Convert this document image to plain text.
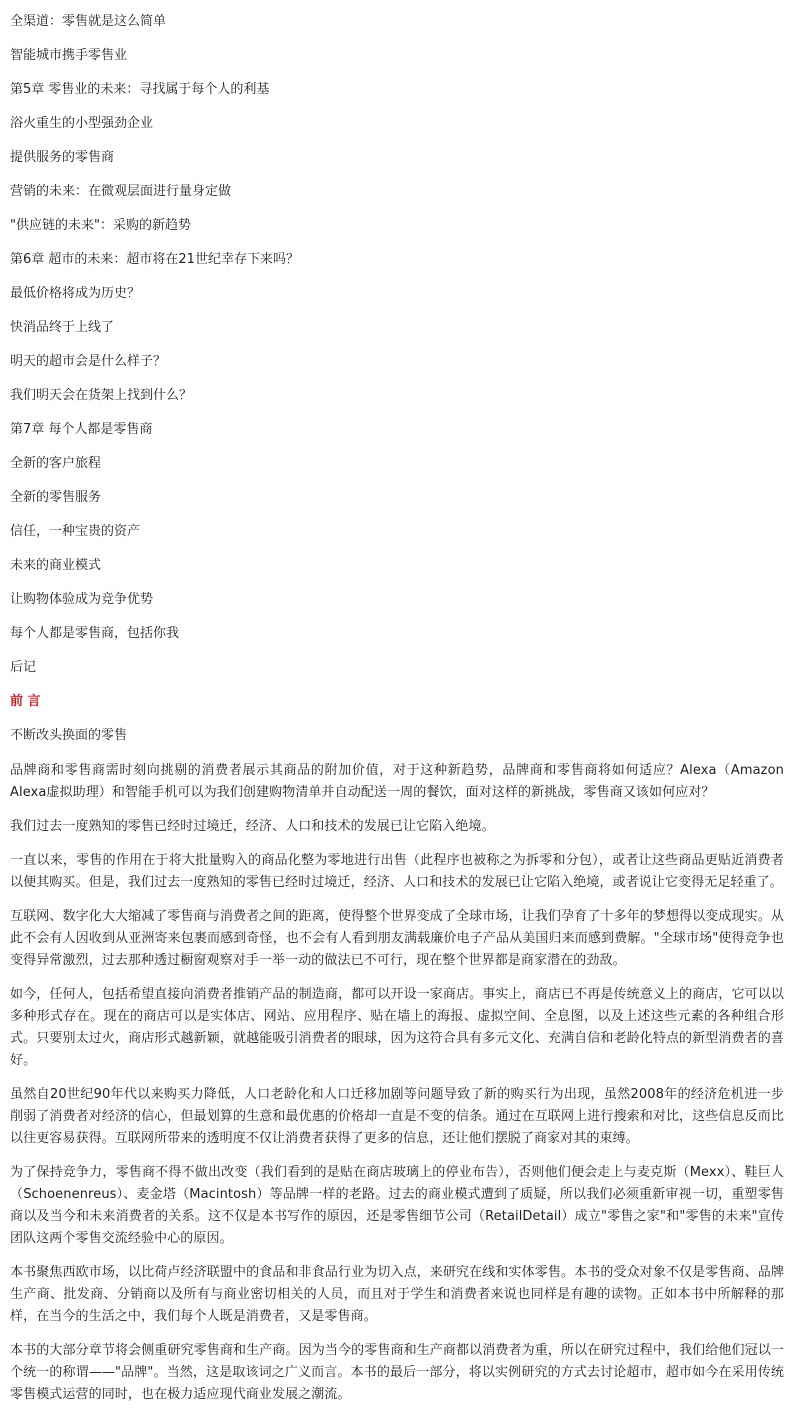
全渠道：零售就是这么简单

智能城市携手零售业

第5章 零售业的未来：寻找属于每个人的利基

浴火重生的小型强劲企业

提供服务的零售商

营销的未来：在微观层面进行量身定做

"供应链的未来"：采购的新趋势

第6章 超市的未来：超市将在21世纪幸存下来吗？

最低价格将成为历史？

快消品终于上线了

明天的超市会是什么样子？

我们明天会在货架上找到什么？

第7章 每个人都是零售商

全新的客户旅程

全新的零售服务

信任，一种宝贵的资产

未来的商业模式

让购物体验成为竞争优势

每个人都是零售商，包括你我

后记

前 言

不断改头换面的零售

品牌商和零售商需时刻向挑剔的消费者展示其商品的附加价值，对于这种新趋势，品牌商和零售商将如何适应？Alexa（Amazon Alexa虚拟助理）和智能手机可以为我们创建购物清单并自动配送一周的餐饮，面对这样的新挑战，零售商又该如何应对？

我们过去一度熟知的零售已经时过境迁，经济、人口和技术的发展已让它陷入绝境。

一直以来，零售的作用在于将大批量购入的商品化整为零地进行出售（此程序也被称之为拆零和分包），或者让这些商品更贴近消费者以便其购买。但是，我们过去一度熟知的零售已经时过境迁，经济、人口和技术的发展已让它陷入绝境，或者说让它变得无足轻重了。

互联网、数字化大大缩减了零售商与消费者之间的距离，使得整个世界变成了全球市场，让我们孕育了十多年的梦想得以变成现实。从此不会有人因收到从亚洲寄来包裹而感到奇怪，也不会有人看到朋友满载廉价电子产品从美国归来而感到费解。"全球市场"使得竞争也变得异常激烈，过去那种透过橱窗观察对手一举一动的做法已不可行，现在整个世界都是商家潜在的劲敌。

如今，任何人，包括希望直接向消费者推销产品的制造商，都可以开设一家商店。事实上，商店已不再是传统意义上的商店，它可以以多种形式存在。现在的商店可以是实体店、网站、应用程序、贴在墙上的海报、虚拟空间、全息图，以及上述这些元素的各种组合形式。只要别太过火，商店形式越新颖，就越能吸引消费者的眼球，因为这符合具有多元文化、充满自信和老龄化特点的新型消费者的喜好。

虽然自20世纪90年代以来购买力降低，人口老龄化和人口迁移加剧等问题导致了新的购买行为出现，虽然2008年的经济危机进一步削弱了消费者对经济的信心，但最划算的生意和最优惠的价格却一直是不变的信条。通过在互联网上进行搜索和对比，这些信息反而比以往更容易获得。互联网所带来的透明度不仅让消费者获得了更多的信息，还让他们摆脱了商家对其的束缚。

为了保持竞争力，零售商不得不做出改变（我们看到的是贴在商店玻璃上的停业布告），否则他们便会走上与麦克斯（Mexx）、鞋巨人（Schoenenreus）、麦金塔（Macintosh）等品牌一样的老路。过去的商业模式遭到了质疑，所以我们必须重新审视一切，重塑零售商以及当今和未来消费者的关系。这不仅是本书写作的原因，还是零售细节公司（RetailDetail）成立"零售之家"和"零售的未来"宣传团队这两个零售交流经验中心的原因。

本书聚焦西欧市场，以比荷卢经济联盟中的食品和非食品行业为切入点，来研究在线和实体零售。本书的受众对象不仅是零售商、品牌生产商、批发商、分销商以及所有与商业密切相关的人员，而且对于学生和消费者来说也同样是有趣的读物。正如本书中所解释的那样，在当今的生活之中，我们每个人既是消费者，又是零售商。

本书的大部分章节将会侧重研究零售商和生产商。因为当今的零售商和生产商都以消费者为重，所以在研究过程中，我们给他们冠以一个统一的称谓——"品牌"。当然，这是取该词之广义而言。本书的最后一部分，将以实例研究的方式去讨论超市，超市如今在采用传统零售模式运营的同时，也在极力适应现代商业发展之潮流。
